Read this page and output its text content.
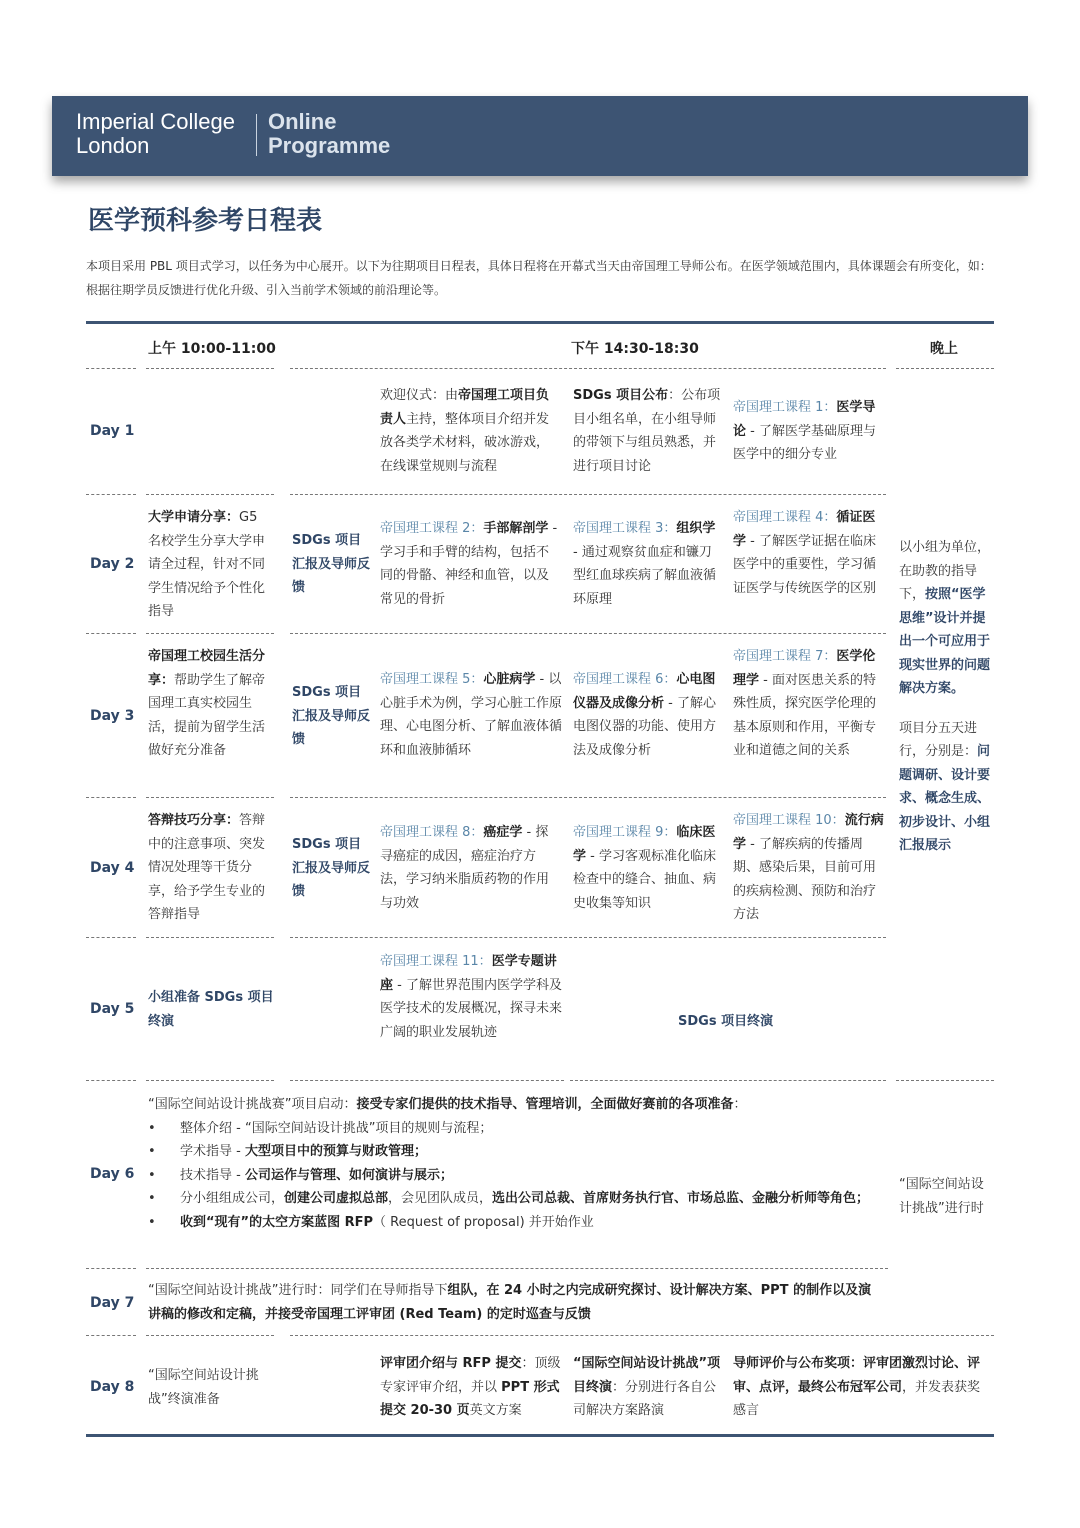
Imperial College
London
Online
Programme
医学预科参考日程表
本项目采用 PBL 项目式学习，以任务为中心展开。以下为往期项目日程表，具体日程将在开幕式当天由帝国理工导师公布。在医学领域范围内，具体课题会有所变化，如：根据往期学员反馈进行优化升级、引入当前学术领域的前沿理论等。
上午 10:00-11:00	下午 14:30-18:30	晚上
Day 1
Day 2
Day 3
Day 4
Day 5
Day 6
Day 7
Day 8
欢迎仪式：由帝国理工项目负责人主持，整体项目介绍并发放各类学术材料，破冰游戏，在线课堂规则与流程
SDGs 项目公布：公布项目小组名单，在小组导师的带领下与组员熟悉，并进行项目讨论
帝国理工课程 1：医学导论 - 了解医学基础原理与医学中的细分专业
大学申请分享：G5 名校学生分享大学申请全过程，针对不同学生情况给予个性化指导
SDGs 项目汇报及导师反馈
帝国理工课程 2：手部解剖学 - 学习手和手臂的结构，包括不同的骨骼、神经和血管，以及常见的骨折
帝国理工课程 3：组织学 - 通过观察贫血症和镰刀型红血球疾病了解血液循环原理
帝国理工课程 4：循证医学 - 了解医学证据在临床医学中的重要性，学习循证医学与传统医学的区别
以小组为单位，在助教的指导下，按照“医学思维”设计并提出一个可应用于现实世界的问题解决方案。
项目分五天进行，分别是：问题调研、设计要求、概念生成、初步设计、小组汇报展示
帝国理工校园生活分享：帮助学生了解帝国理工真实校园生活，提前为留学生活做好充分准备
SDGs 项目汇报及导师反馈
帝国理工课程 5：心脏病学 - 以心脏手术为例，学习心脏工作原理、心电图分析、了解血液体循环和血液肺循环
帝国理工课程 6：心电图仪器及成像分析 - 了解心电图仪器的功能、使用方法及成像分析
帝国理工课程 7：医学伦理学 - 面对医患关系的特殊性质，探究医学伦理的基本原则和作用，平衡专业和道德之间的关系
答辩技巧分享：答辩中的注意事项、突发情况处理等干货分享，给予学生专业的答辩指导
SDGs 项目汇报及导师反馈
帝国理工课程 8：癌症学 - 探寻癌症的成因，癌症治疗方法，学习纳米脂质药物的作用与功效
帝国理工课程 9：临床医学 - 学习客观标准化临床检查中的缝合、抽血、病史收集等知识
帝国理工课程 10：流行病学 - 了解疾病的传播周期、感染后果，目前可用的疾病检测、预防和治疗方法
小组准备 SDGs 项目终演
帝国理工课程 11：医学专题讲座 - 了解世界范围内医学学科及医学技术的发展概况，探寻未来广阔的职业发展轨迹
SDGs 项目终演
“国际空间站设计挑战赛”项目启动：接受专家们提供的技术指导、管理培训，全面做好赛前的各项准备：
• 整体介绍 - “国际空间站设计挑战”项目的规则与流程；
• 学术指导 - 大型项目中的预算与财政管理；
• 技术指导 - 公司运作与管理、如何演讲与展示；
• 分小组组成公司，创建公司虚拟总部，会见团队成员，选出公司总裁、首席财务执行官、市场总监、金融分析师等角色；
• 收到“现有”的太空方案蓝图 RFP（ Request of proposal) 并开始作业
“国际空间站设计挑战”进行时
“国际空间站设计挑战”进行时：同学们在导师指导下组队，在 24 小时之内完成研究探讨、设计解决方案、PPT 的制作以及演讲稿的修改和定稿，并接受帝国理工评审团 (Red Team) 的定时巡查与反馈
“国际空间站设计挑战”终演准备
评审团介绍与 RFP 提交：顶级专家评审介绍，并以 PPT 形式提交 20-30 页英文方案
“国际空间站设计挑战”项目终演：分别进行各自公司解决方案路演
导师评价与公布奖项：评审团激烈讨论、评审、点评，最终公布冠军公司，并发表获奖感言
